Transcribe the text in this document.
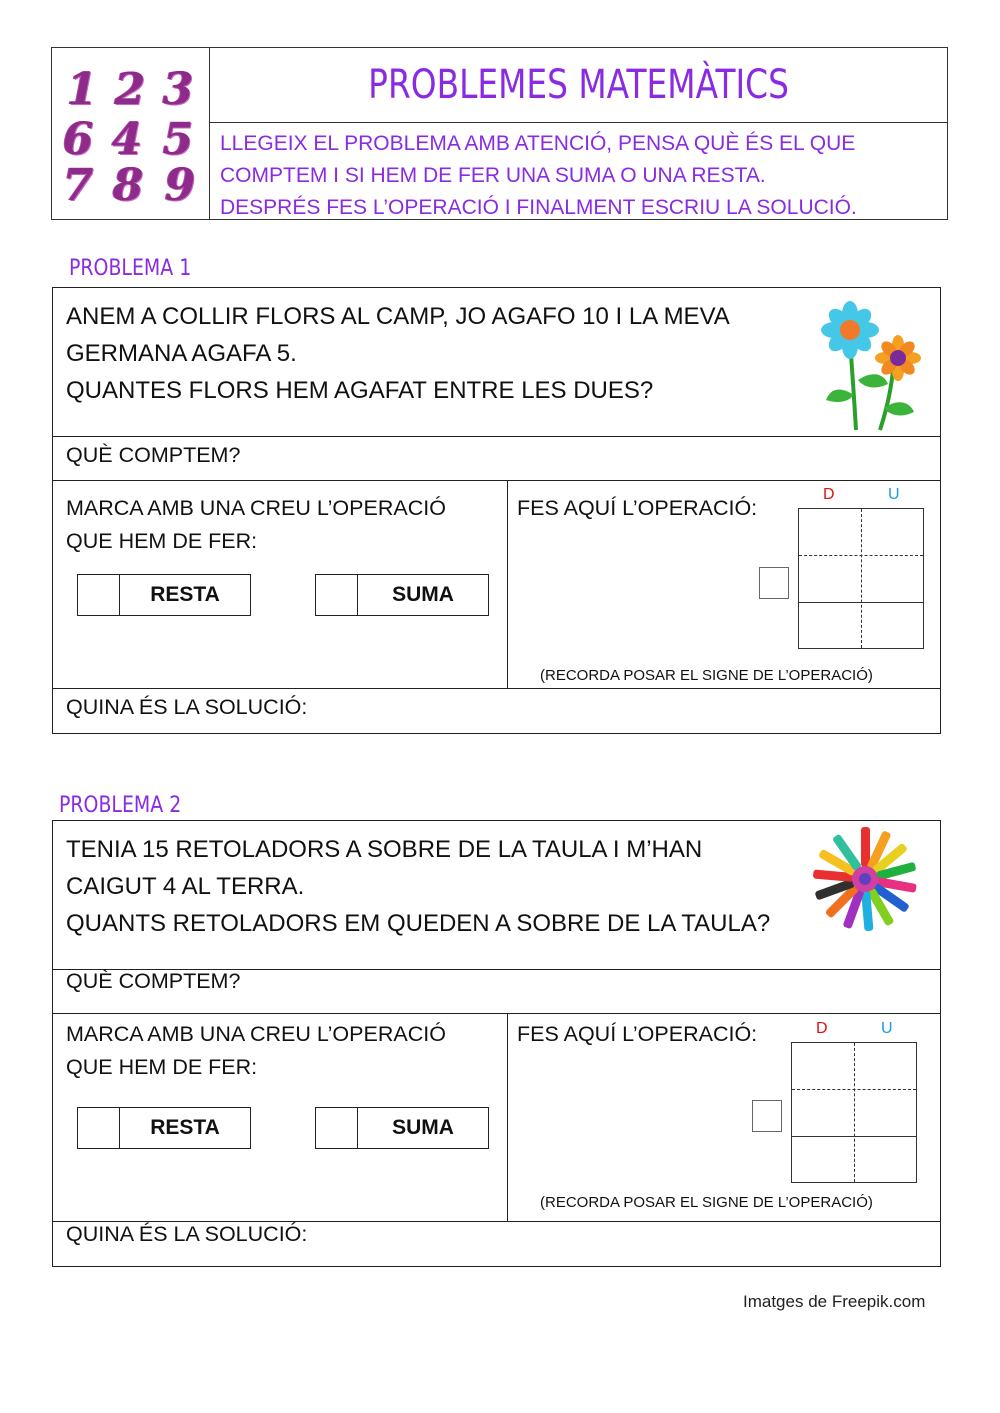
1 2 3
6 4 5
7 8 9
PROBLEMES MATEMÀTICS
LLEGEIX EL PROBLEMA AMB ATENCIÓ, PENSA QUÈ ÉS EL QUE
COMPTEM I SI HEM DE FER UNA SUMA O UNA RESTA.
DESPRÉS FES L’OPERACIÓ I FINALMENT ESCRIU LA SOLUCIÓ.
PROBLEMA 1
ANEM A COLLIR FLORS AL CAMP, JO AGAFO 10 I LA MEVA
GERMANA AGAFA 5.
QUANTES FLORS HEM AGAFAT ENTRE LES DUES?
QUÈ COMPTEM?
MARCA AMB UNA CREU L’OPERACIÓ
QUE HEM DE FER:
RESTA	SUMA
FES AQUÍ L’OPERACIÓ:
D	U
(RECORDA POSAR EL SIGNE DE L’OPERACIÓ)
QUINA ÉS LA SOLUCIÓ:
PROBLEMA 2
TENIA 15 RETOLADORS A SOBRE DE LA TAULA I M’HAN
CAIGUT 4 AL TERRA.
QUANTS RETOLADORS EM QUEDEN A SOBRE DE LA TAULA?
QUÈ COMPTEM?
MARCA AMB UNA CREU L’OPERACIÓ
QUE HEM DE FER:
RESTA	SUMA
FES AQUÍ L’OPERACIÓ:	D	U
(RECORDA POSAR EL SIGNE DE L’OPERACIÓ)
QUINA ÉS LA SOLUCIÓ:
Imatges de Freepik.com
